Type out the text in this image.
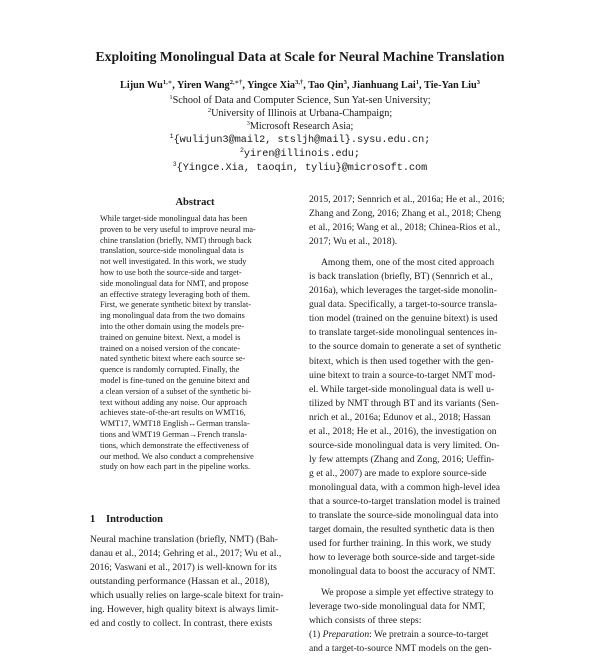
Exploiting Monolingual Data at Scale for Neural Machine Translation
Lijun $Wu^{1,∗}$, Yiren Wang$^{2,∗\dagger}$, Yingce Xia$^{3,\dagger}$, Tao Qin$^3$, Jianhuang Lai$^1$, Tie-Yan Liu$^3$
$^1$School of Data and Computer Science, Sun Yat-sen University;
$^2$University of Illinois at Urbana-Champaign;
$^3$Microsoft Research Asia;
$^1${wulijun3@mail2, stsljh@mail}.sysu.edu.cn;
$^2$yiren@illinois.edu;
$^3${Yingce.Xia, taoqin, tyliu}@microsoft.com
Abstract
While target-side monolingual data has been
proven to be very useful to improve neural ma-
chine translation (briefly, NMT) through back
translation, source-side monolingual data is
not well investigated. In this work, we study
how to use both the source-side and target-
side monolingual data for NMT, and propose
an effective strategy leveraging both of them.
First, we generate synthetic bitext by translat-
ing monolingual data from the two domains
into the other domain using the models pre-
trained on genuine bitext. Next, a model is
trained on a noised version of the concate-
nated synthetic bitext where each source se-
quence is randomly corrupted. Finally, the
model is fine-tuned on the genuine bitext and
a clean version of a subset of the synthetic bi-
text without adding any noise. Our approach
achieves state-of-the-art results on WMT16,
WMT17, WMT18 English↔German transla-
tions and WMT19 German→French transla-
tions, which demonstrate the effectiveness of
our method. We also conduct a comprehensive
study on how each part in the pipeline works.
1 Introduction
Neural machine translation (briefly, NMT) (Bah-
danau et al., 2014; Gehring et al., 2017; Wu et al.,
2016; Vaswani et al., 2017) is well-known for its
outstanding performance (Hassan et al., 2018),
which usually relies on large-scale bitext for train-
ing. However, high quality bitext is always limit-
ed and costly to collect. In contrast, there exists
2015, 2017; Sennrich et al., 2016a; He et al., 2016;
Zhang and Zong, 2016; Zhang et al., 2018; Cheng
et al., 2016; Wang et al., 2018; Chinea-Rios et al.,
2017; Wu et al., 2018).
Among them, one of the most cited approach
is back translation (briefly, BT) (Sennrich et al.,
2016a), which leverages the target-side monolin-
gual data. Specifically, a target-to-source transla-
tion model (trained on the genuine bitext) is used
to translate target-side monolingual sentences in-
to the source domain to generate a set of synthetic
bitext, which is then used together with the gen-
uine bitext to train a source-to-target NMT mod-
el. While target-side monolingual data is well u-
tilized by NMT through BT and its variants (Sen-
nrich et al., 2016a; Edunov et al., 2018; Hassan
et al., 2018; He et al., 2016), the investigation on
source-side monolingual data is very limited. On-
ly few attempts (Zhang and Zong, 2016; Ueffin-
g et al., 2007) are made to explore source-side
monolingual data, with a common high-level idea
that a source-to-target translation model is trained
to translate the source-side monolingual data into
target domain, the resulted synthetic data is then
used for further training. In this work, we study
how to leverage both source-side and target-side
monolingual data to boost the accuracy of NMT.
We propose a simple yet effective strategy to
leverage two-side monolingual data for NMT,
which consists of three steps:
(1) Preparation: We pretrain a source-to-target
and a target-to-source NMT models on the gen-
